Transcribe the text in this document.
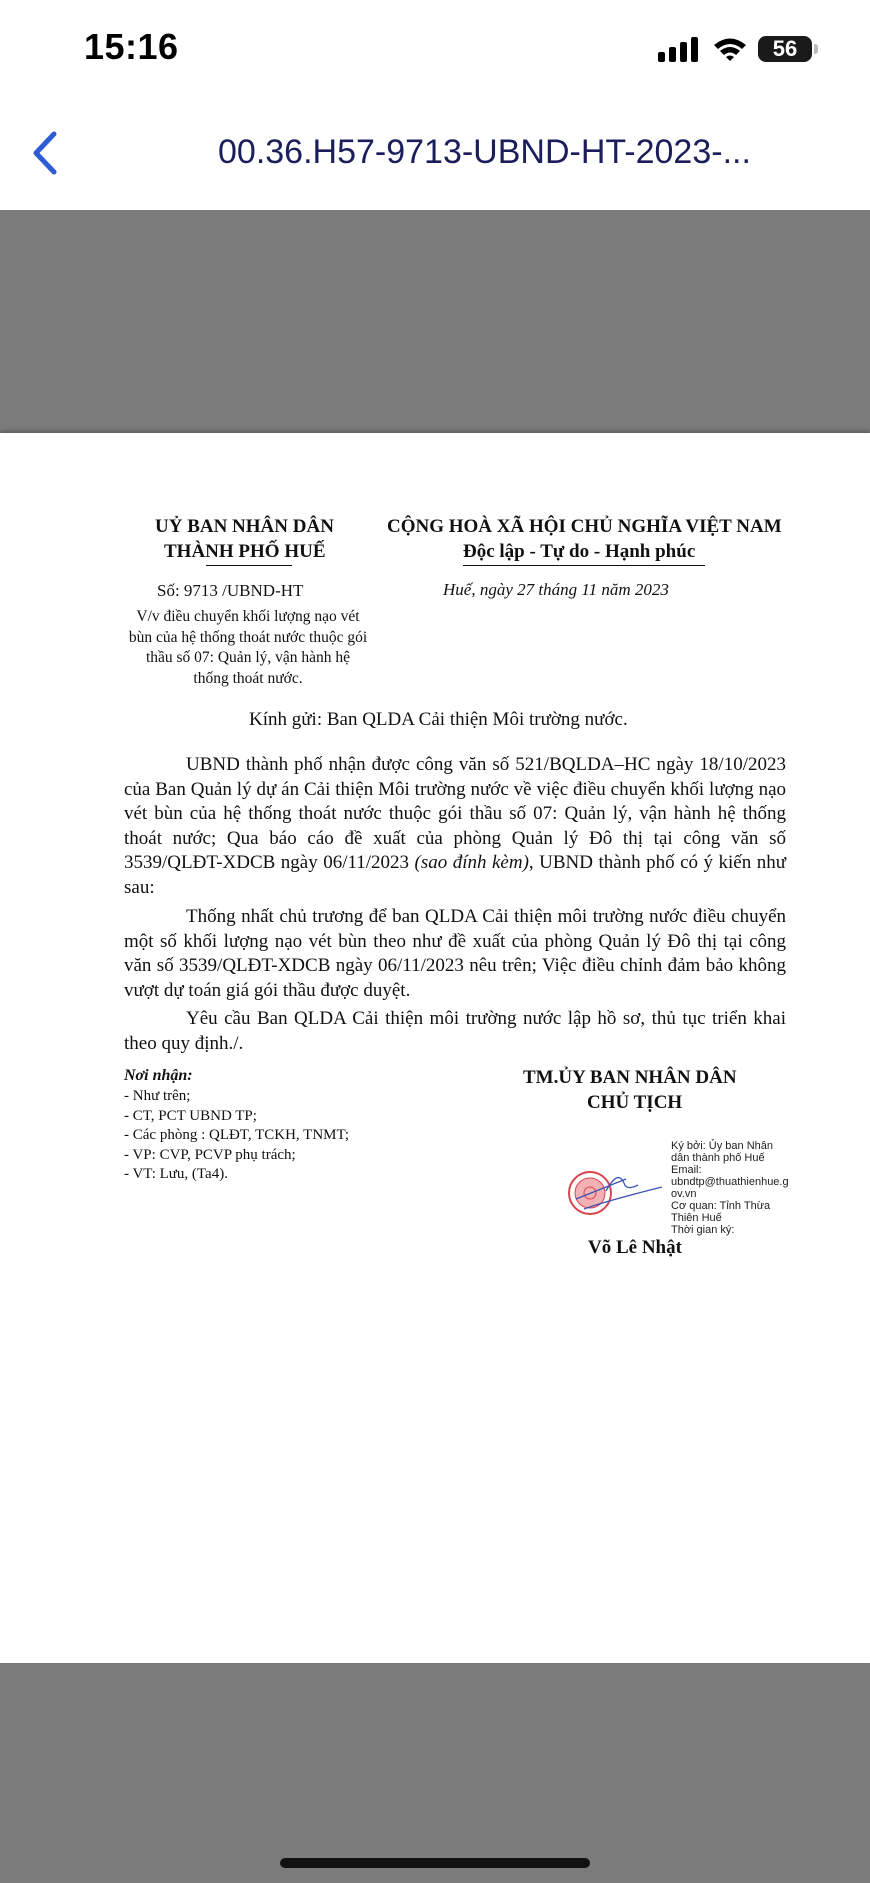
15:16	56
00.36.H57-9713-UBND-HT-2023-...
UỶ BAN NHÂN DÂN
THÀNH PHỐ HUẾ
CỘNG HOÀ XÃ HỘI CHỦ NGHĨA VIỆT NAM
Độc lập - Tự do - Hạnh phúc
Số: 9713 /UBND-HT	Huế, ngày 27 tháng 11 năm 2023
V/v điều chuyển khối lượng nạo vét
bùn của hệ thống thoát nước thuộc gói
thầu số 07: Quản lý, vận hành hệ
thống thoát nước.
Kính gửi: Ban QLDA Cải thiện Môi trường nước.

UBND thành phố nhận được công văn số 521/BQLDA–HC ngày 18/10/2023 của Ban Quản lý dự án Cải thiện Môi trường nước về việc điều chuyển khối lượng nạo vét bùn của hệ thống thoát nước thuộc gói thầu số 07: Quản lý, vận hành hệ thống thoát nước; Qua báo cáo đề xuất của phòng Quản lý Đô thị tại công văn số 3539/QLĐT-XDCB ngày 06/11/2023 (sao đính kèm), UBND thành phố có ý kiến như sau:

Thống nhất chủ trương để ban QLDA Cải thiện môi trường nước điều chuyển một số khối lượng nạo vét bùn theo như đề xuất của phòng Quản lý Đô thị tại công văn số 3539/QLĐT-XDCB ngày 06/11/2023 nêu trên; Việc điều chỉnh đảm bảo không vượt dự toán giá gói thầu được duyệt.

Yêu cầu Ban QLDA Cải thiện môi trường nước lập hồ sơ, thủ tục triển khai theo quy định./.

Nơi nhận:
- Như trên;
- CT, PCT UBND TP;
- Các phòng : QLĐT, TCKH, TNMT;
- VP: CVP, PCVP phụ trách;
- VT: Lưu, (Ta4).
TM.ỦY BAN NHÂN DÂN
CHỦ TỊCH
Ký bởi: Ủy ban Nhân
dân thành phố Huế
Email:
ubndtp@thuathienhue.g
ov.vn
Cơ quan: Tỉnh Thừa
Thiên Huế
Thời gian ký:
Võ Lê Nhật
